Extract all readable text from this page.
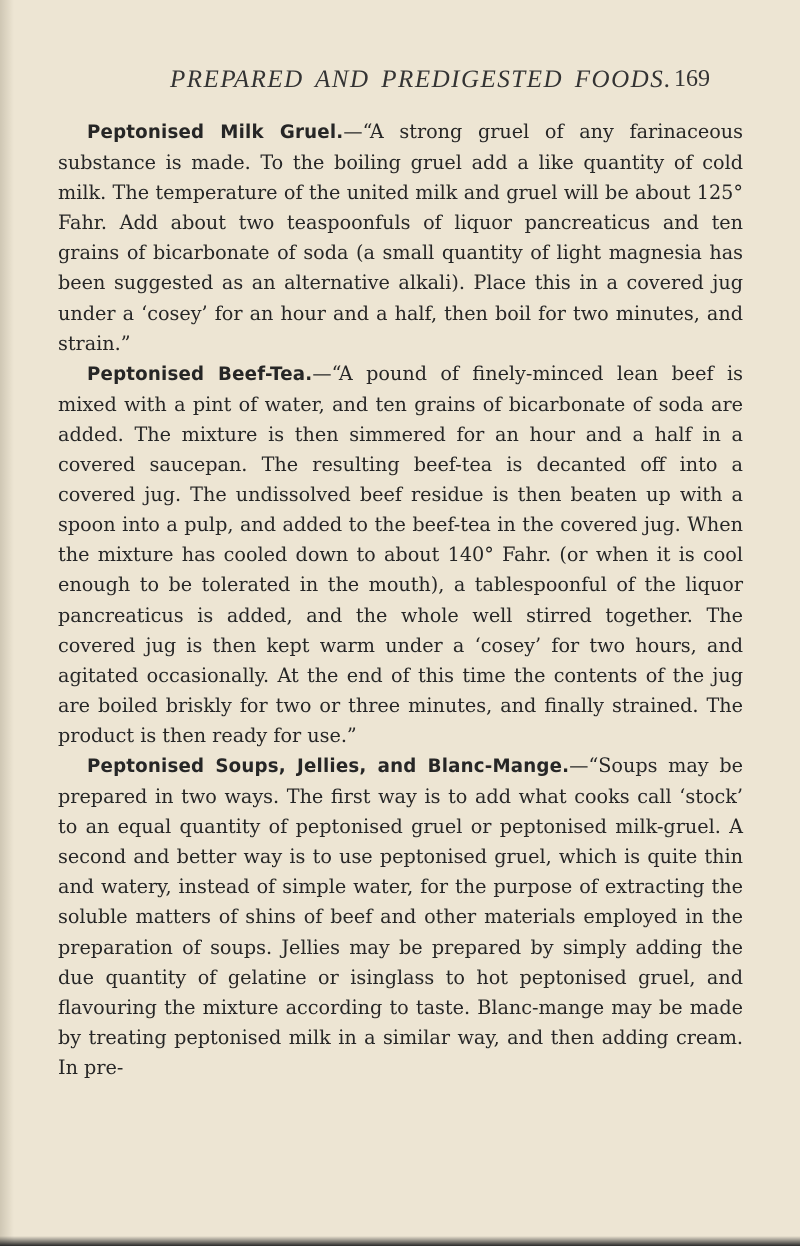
PREPARED AND PREDIGESTED FOODS. 169

Peptonised Milk Gruel.—“A strong gruel of any farinaceous substance is made. To the boiling gruel add a like quantity of cold milk. The temperature of the united milk and gruel will be about 125° Fahr. Add about two teaspoonfuls of liquor pancreaticus and ten grains of bicarbonate of soda (a small quantity of light magnesia has been suggested as an alternative alkali). Place this in a covered jug under a ‘cosey’ for an hour and a half, then boil for two minutes, and strain.”

Peptonised Beef-Tea.—“A pound of finely-minced lean beef is mixed with a pint of water, and ten grains of bicarbonate of soda are added. The mixture is then simmered for an hour and a half in a covered saucepan. The resulting beef-tea is decanted off into a covered jug. The undissolved beef residue is then beaten up with a spoon into a pulp, and added to the beef-tea in the covered jug. When the mixture has cooled down to about 140° Fahr. (or when it is cool enough to be tolerated in the mouth), a tablespoonful of the liquor pancreaticus is added, and the whole well stirred together. The covered jug is then kept warm under a ‘cosey’ for two hours, and agitated occasionally. At the end of this time the contents of the jug are boiled briskly for two or three minutes, and finally strained. The product is then ready for use.”

Peptonised Soups, Jellies, and Blanc-Mange.—“Soups may be prepared in two ways. The first way is to add what cooks call ‘stock’ to an equal quantity of peptonised gruel or peptonised milk-gruel. A second and better way is to use peptonised gruel, which is quite thin and watery, instead of simple water, for the purpose of extracting the soluble matters of shins of beef and other materials employed in the preparation of soups. Jellies may be prepared by simply adding the due quantity of gelatine or isinglass to hot peptonised gruel, and flavouring the mixture according to taste. Blanc-mange may be made by treating peptonised milk in a similar way, and then adding cream. In pre-
